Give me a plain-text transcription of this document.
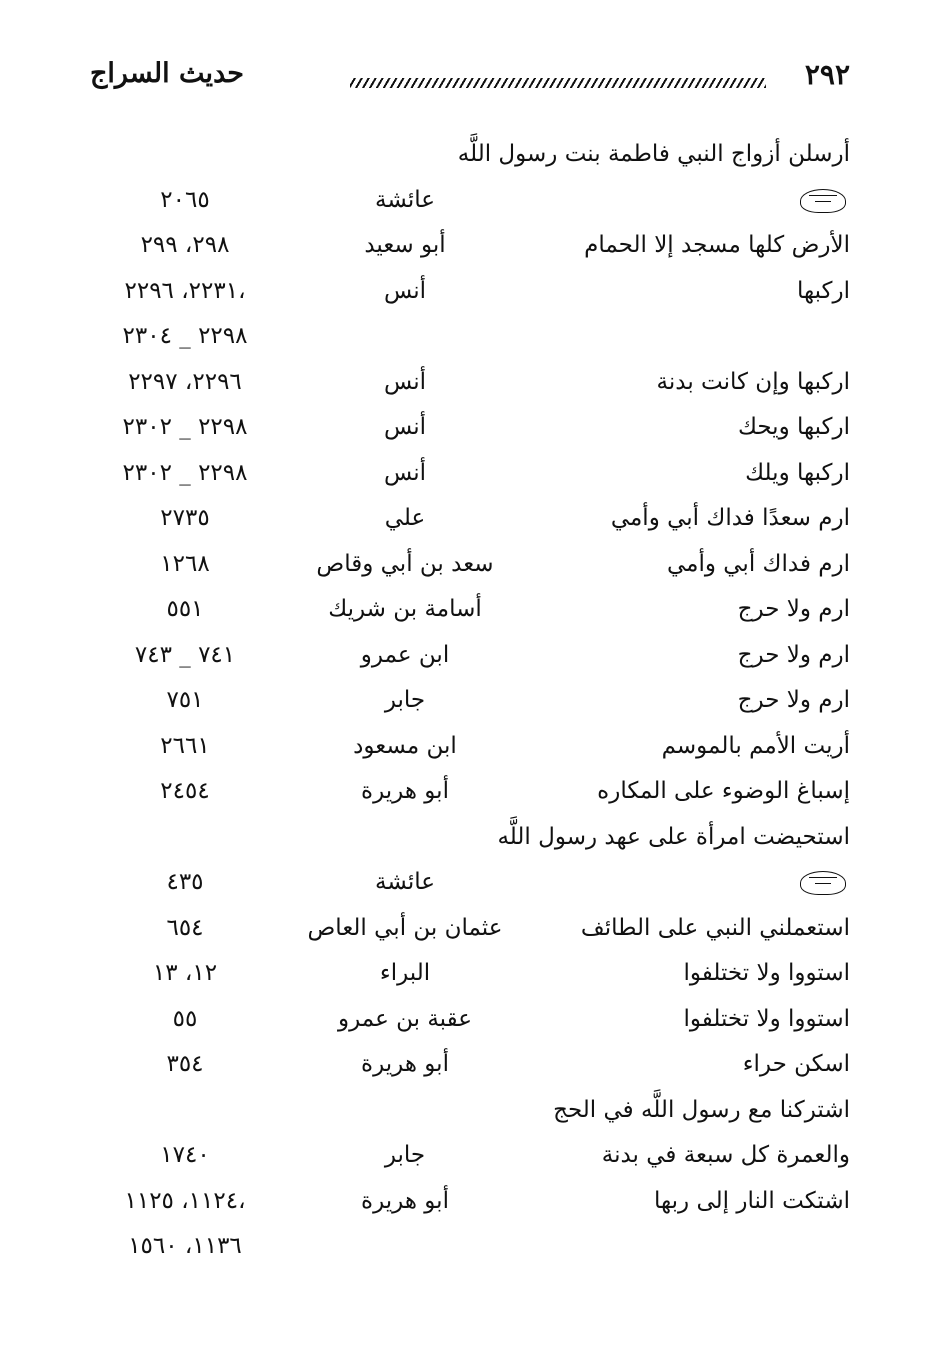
٢٩٢
حديث السراج
أرسلن أزواج النبي فاطمة بنت رسول اللَّه
عائشة
٢٠٦٥
الأرض كلها مسجد إلا الحمام
أبو سعيد
٢٩٨، ٢٩٩
اركبها
أنس
٢٢٣١، ٢٢٩٦،
٢٢٩٨ _ ٢٣٠٤
اركبها وإن كانت بدنة
أنس
٢٢٩٦، ٢٢٩٧
اركبها ويحك
أنس
٢٢٩٨ _ ٢٣٠٢
اركبها ويلك
أنس
٢٢٩٨ _ ٢٣٠٢
ارم سعدًا فداك أبي وأمي
علي
٢٧٣٥
ارم فداك أبي وأمي
سعد بن أبي وقاص
١٢٦٨
ارم ولا حرج
أسامة بن شريك
٥٥١
ارم ولا حرج
ابن عمرو
٧٤١ _ ٧٤٣
ارم ولا حرج
جابر
٧٥١
أريت الأمم بالموسم
ابن مسعود
٢٦٦١
إسباغ الوضوء على المكاره
أبو هريرة
٢٤٥٤
استحيضت امرأة على عهد رسول اللَّه
عائشة
٤٣٥
استعملني النبي على الطائف
عثمان بن أبي العاص
٦٥٤
استووا ولا تختلفوا
البراء
١٢، ١٣
استووا ولا تختلفوا
عقبة بن عمرو
٥٥
اسكن حراء
أبو هريرة
٣٥٤
اشتركنا مع رسول اللَّه في الحج
والعمرة كل سبعة في بدنة
جابر
١٧٤٠
اشتكت النار إلى ربها
أبو هريرة
١١٢٤، ١١٢٥،
١١٣٦، ١٥٦٠
